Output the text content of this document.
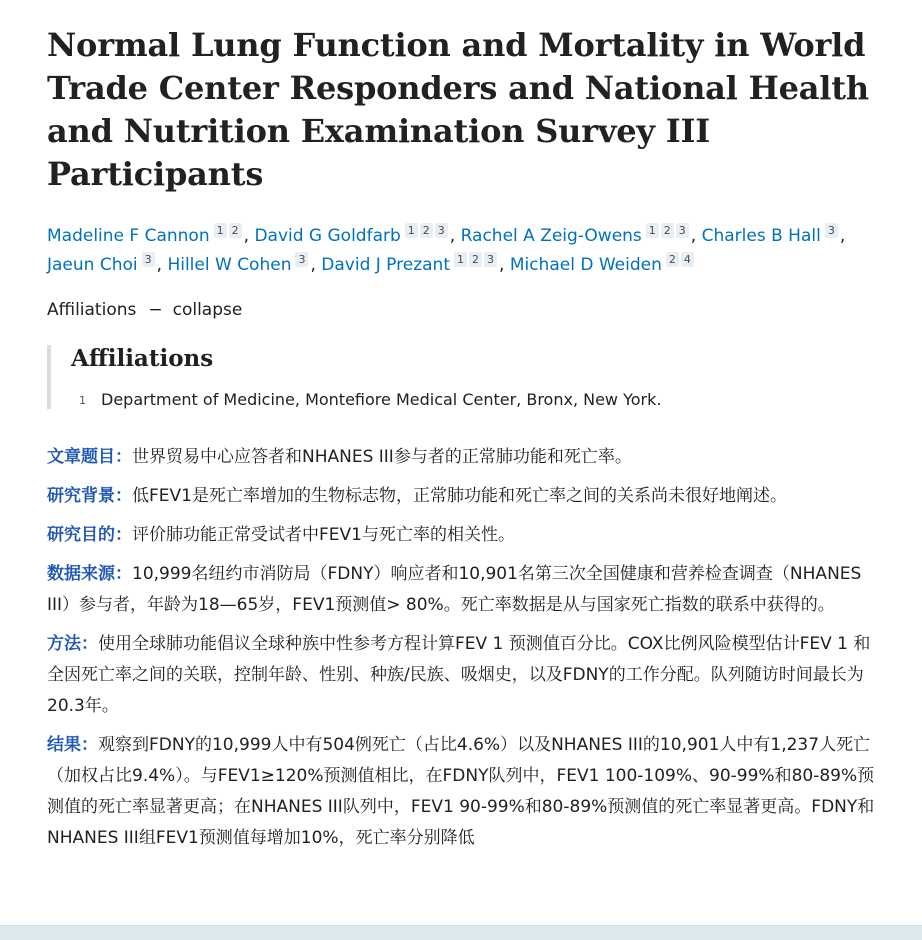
Normal Lung Function and Mortality in World Trade Center Responders and National Health and Nutrition Examination Survey III Participants
Madeline F Cannon 1 2 , David G Goldfarb 1 2 3 , Rachel A Zeig-Owens 1 2 3 , Charles B Hall 3 , Jaeun Choi 3 , Hillel W Cohen 3 , David J Prezant 1 2 3 , Michael D Weiden 2 4
Affiliations − collapse
Affiliations
1 Department of Medicine, Montefiore Medical Center, Bronx, New York.

文章题目：世界贸易中心应答者和NHANES III参与者的正常肺功能和死亡率。

研究背景：低FEV1是死亡率增加的生物标志物，正常肺功能和死亡率之间的关系尚未很好地阐述。

研究目的：评价肺功能正常受试者中FEV1与死亡率的相关性。

数据来源：10,999名纽约市消防局（FDNY）响应者和10,901名第三次全国健康和营养检查调查（NHANES III）参与者，年龄为18—65岁，FEV1预测值> 80%。死亡率数据是从与国家死亡指数的联系中获得的。

方法：使用全球肺功能倡议全球种族中性参考方程计算FEV 1 预测值百分比。COX比例风险模型估计FEV 1 和全因死亡率之间的关联，控制年龄、性别、种族/民族、吸烟史，以及FDNY的工作分配。队列随访时间最长为20.3年。

结果：观察到FDNY的10,999人中有504例死亡（占比4.6%）以及NHANES III的10,901人中有1,237人死亡（加权占比9.4%）。与FEV1≥120%预测值相比，在FDNY队列中，FEV1 100-109%、90-99%和80-89%预测值的死亡率显著更高；在NHANES III队列中，FEV1 90-99%和80-89%预测值的死亡率显著更高。FDNY和NHANES III组FEV1预测值每增加10%，死亡率分别降低
